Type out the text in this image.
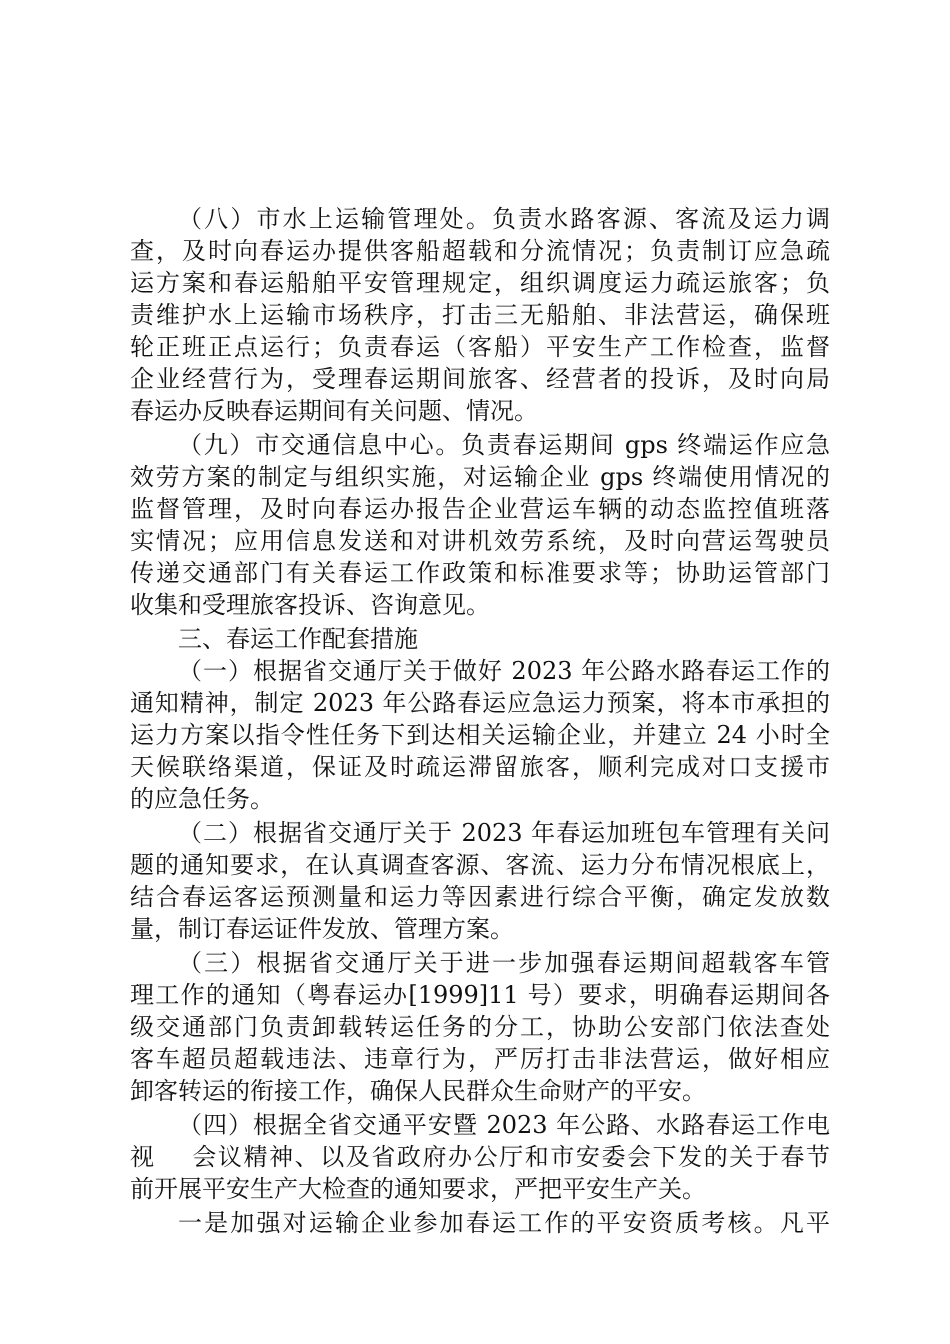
（八）市水上运输管理处。负责水路客源、客流及运力调
查，及时向春运办提供客船超载和分流情况；负责制订应急疏
运方案和春运船舶平安管理规定，组织调度运力疏运旅客；负
责维护水上运输市场秩序，打击三无船舶、非法营运，确保班
轮正班正点运行；负责春运（客船）平安生产工作检查，监督
企业经营行为，受理春运期间旅客、经营者的投诉，及时向局
春运办反映春运期间有关问题、情况。
（九）市交通信息中心。负责春运期间 gps 终端运作应急
效劳方案的制定与组织实施，对运输企业 gps 终端使用情况的
监督管理，及时向春运办报告企业营运车辆的动态监控值班落
实情况；应用信息发送和对讲机效劳系统，及时向营运驾驶员
传递交通部门有关春运工作政策和标准要求等；协助运管部门
收集和受理旅客投诉、咨询意见。
三、春运工作配套措施
（一）根据省交通厅关于做好 2023 年公路水路春运工作的
通知精神，制定 2023 年公路春运应急运力预案，将本市承担的
运力方案以指令性任务下到达相关运输企业，并建立 24 小时全
天候联络渠道，保证及时疏运滞留旅客，顺利完成对口支援市
的应急任务。
（二）根据省交通厅关于 2023 年春运加班包车管理有关问
题的通知要求，在认真调查客源、客流、运力分布情况根底上，
结合春运客运预测量和运力等因素进行综合平衡，确定发放数
量，制订春运证件发放、管理方案。
（三）根据省交通厅关于进一步加强春运期间超载客车管
理工作的通知（粤春运办[1999]11 号）要求，明确春运期间各
级交通部门负责卸载转运任务的分工，协助公安部门依法查处
客车超员超载违法、违章行为，严厉打击非法营运，做好相应
卸客转运的衔接工作，确保人民群众生命财产的平安。
（四）根据全省交通平安暨 2023 年公路、水路春运工作电
视    会议精神、以及省政府办公厅和市安委会下发的关于春节
前开展平安生产大检查的通知要求，严把平安生产关。
一是加强对运输企业参加春运工作的平安资质考核。凡平
